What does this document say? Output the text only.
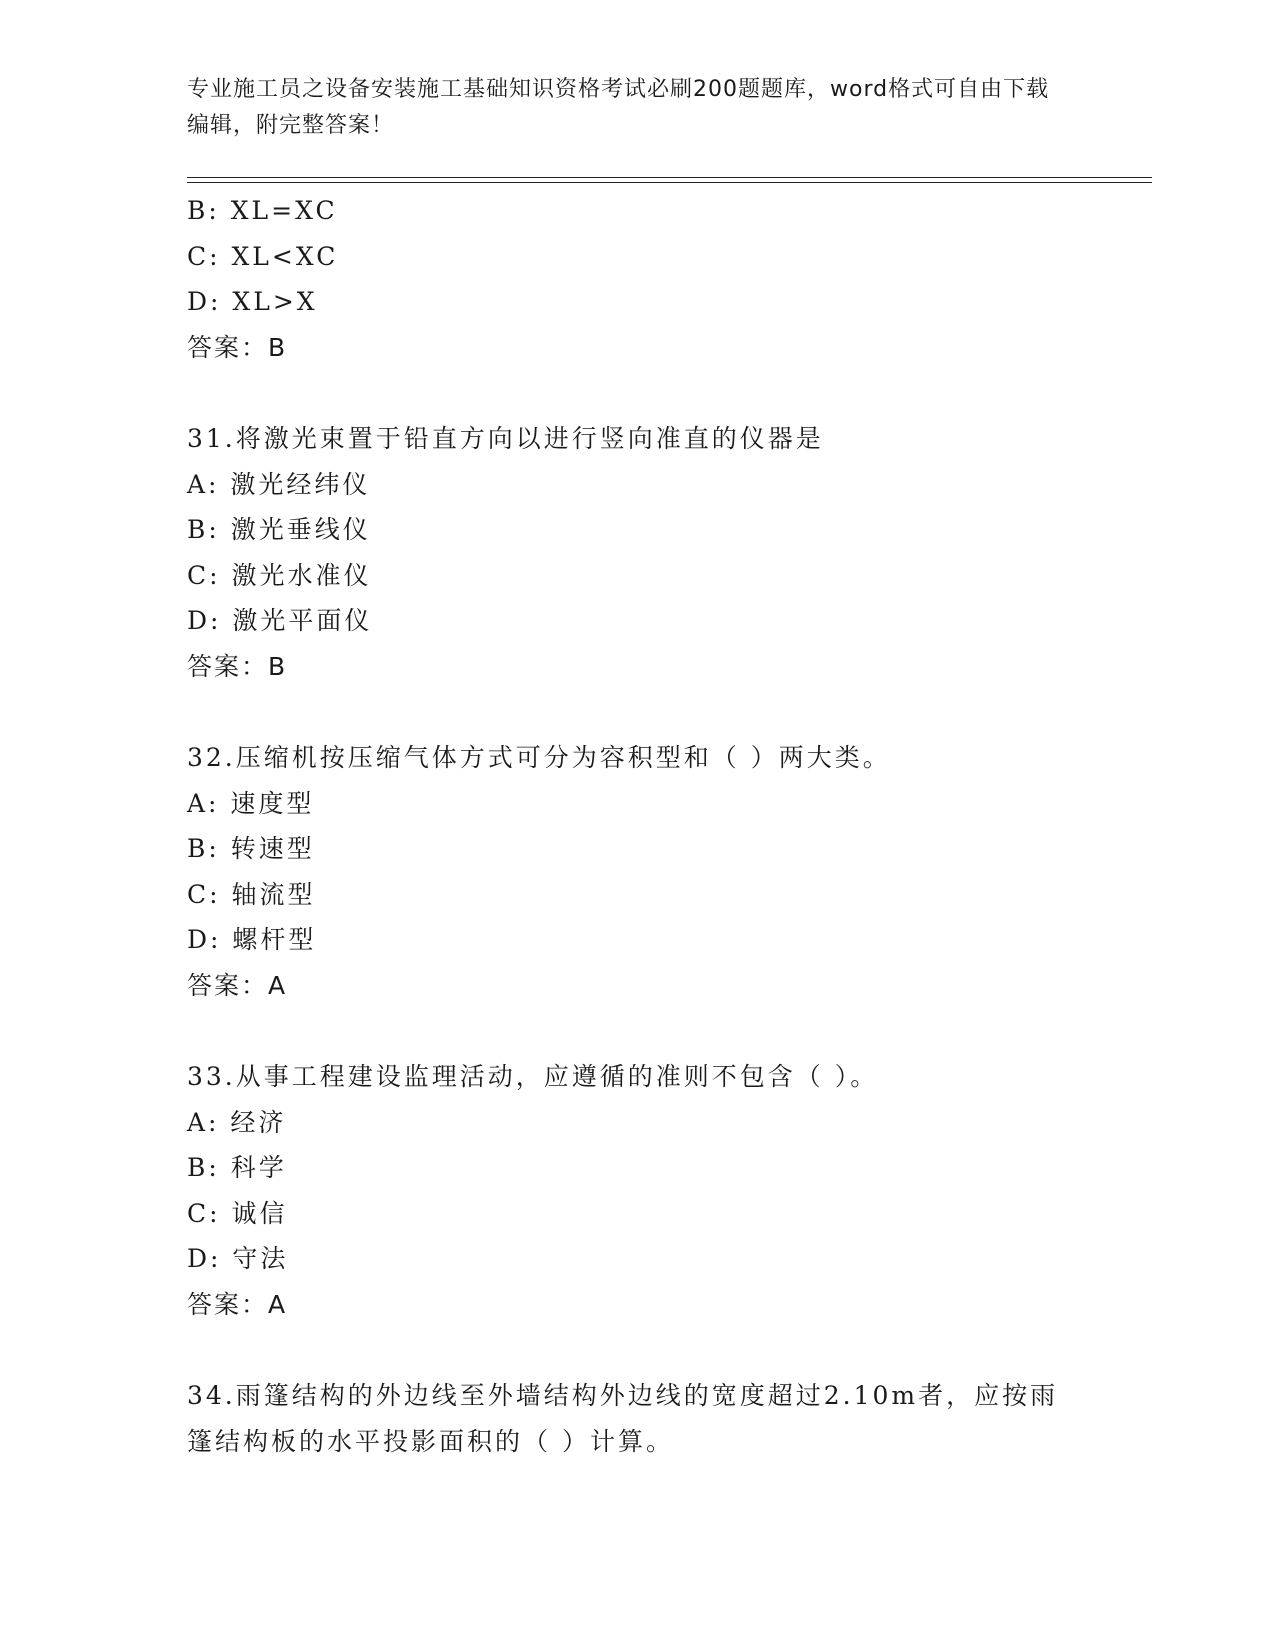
专业施工员之设备安装施工基础知识资格考试必刷200题题库，word格式可自由下载编辑，附完整答案！

B: XL=XC
C: XL<XC
D: XL>X
答案：B
31.将激光束置于铅直方向以进行竖向准直的仪器是
A: 激光经纬仪
B: 激光垂线仪
C: 激光水准仪
D: 激光平面仪
答案：B
32.压缩机按压缩气体方式可分为容积型和（ ）两大类。
A: 速度型
B: 转速型
C: 轴流型
D: 螺杆型
答案：A
33.从事工程建设监理活动，应遵循的准则不包含（ ）。
A: 经济
B: 科学
C: 诚信
D: 守法
答案：A
34.雨篷结构的外边线至外墙结构外边线的宽度超过2.10m者，应按雨篷结构板的水平投影面积的（ ）计算。
